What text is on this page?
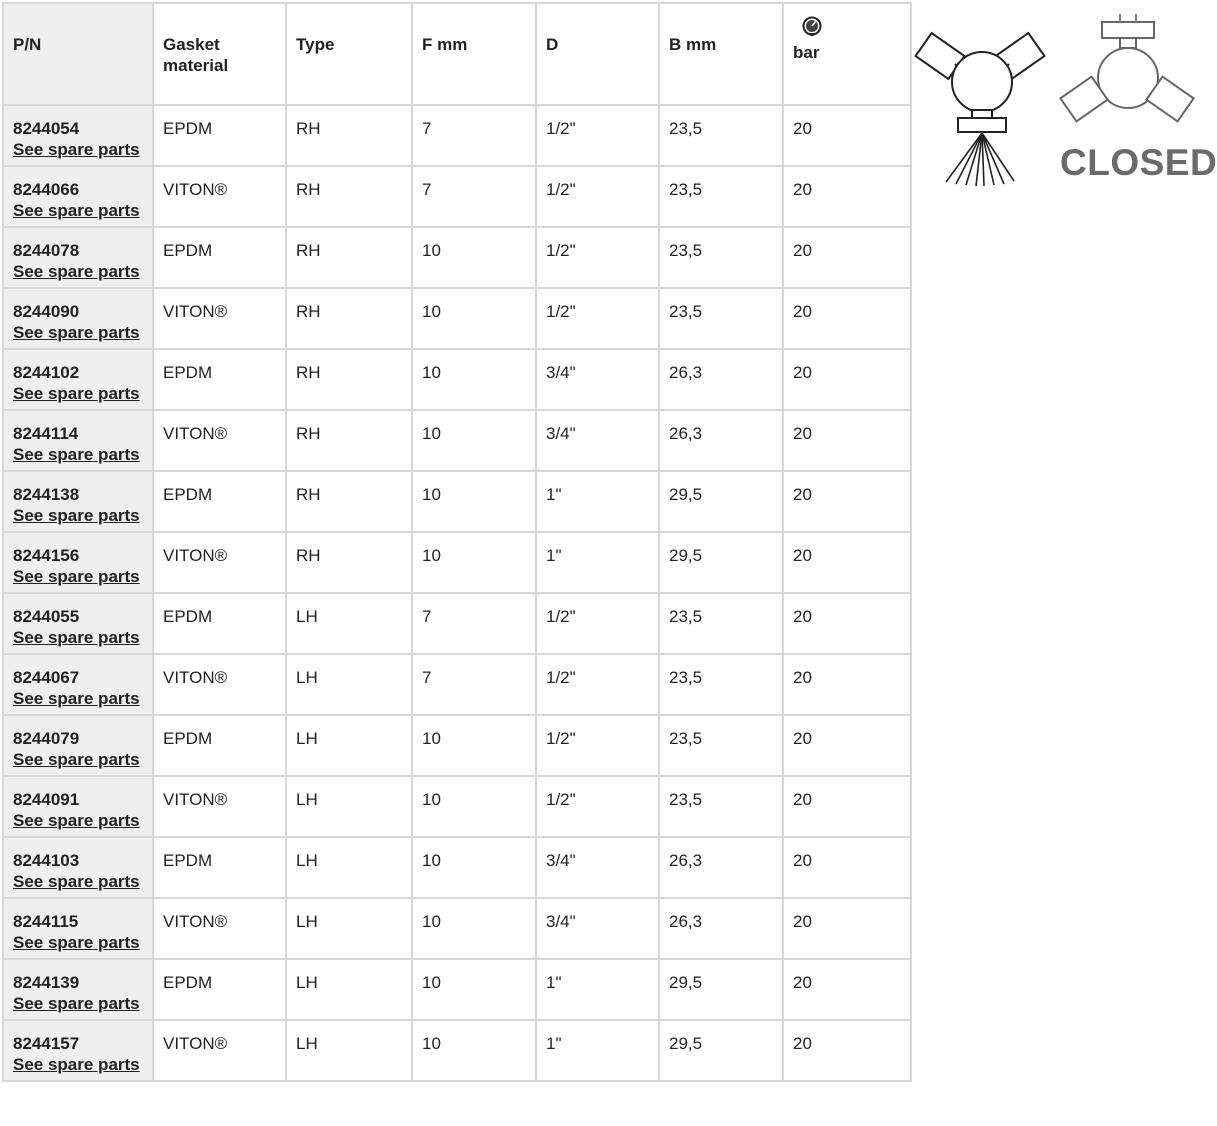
P/N	Gasket
material	Type	F mm	D	B mm	bar

8244054
See spare parts	EPDM	RH	7	1/2"	23,5	20

8244066
See spare parts	VITON®	RH	7	1/2"	23,5	20

8244078
See spare parts	EPDM	RH	10	1/2"	23,5	20

8244090
See spare parts	VITON®	RH	10	1/2"	23,5	20

8244102
See spare parts	EPDM	RH	10	3/4"	26,3	20

8244114
See spare parts	VITON®	RH	10	3/4"	26,3	20

8244138
See spare parts	EPDM	RH	10	1"	29,5	20

8244156
See spare parts	VITON®	RH	10	1"	29,5	20

8244055
See spare parts	EPDM	LH	7	1/2"	23,5	20

8244067
See spare parts	VITON®	LH	7	1/2"	23,5	20

8244079
See spare parts	EPDM	LH	10	1/2"	23,5	20

8244091
See spare parts	VITON®	LH	10	1/2"	23,5	20

8244103
See spare parts	EPDM	LH	10	3/4"	26,3	20

8244115
See spare parts	VITON®	LH	10	3/4"	26,3	20

8244139
See spare parts	EPDM	LH	10	1"	29,5	20

8244157
See spare parts	VITON®	LH	10	1"	29,5	20
CLOSED
